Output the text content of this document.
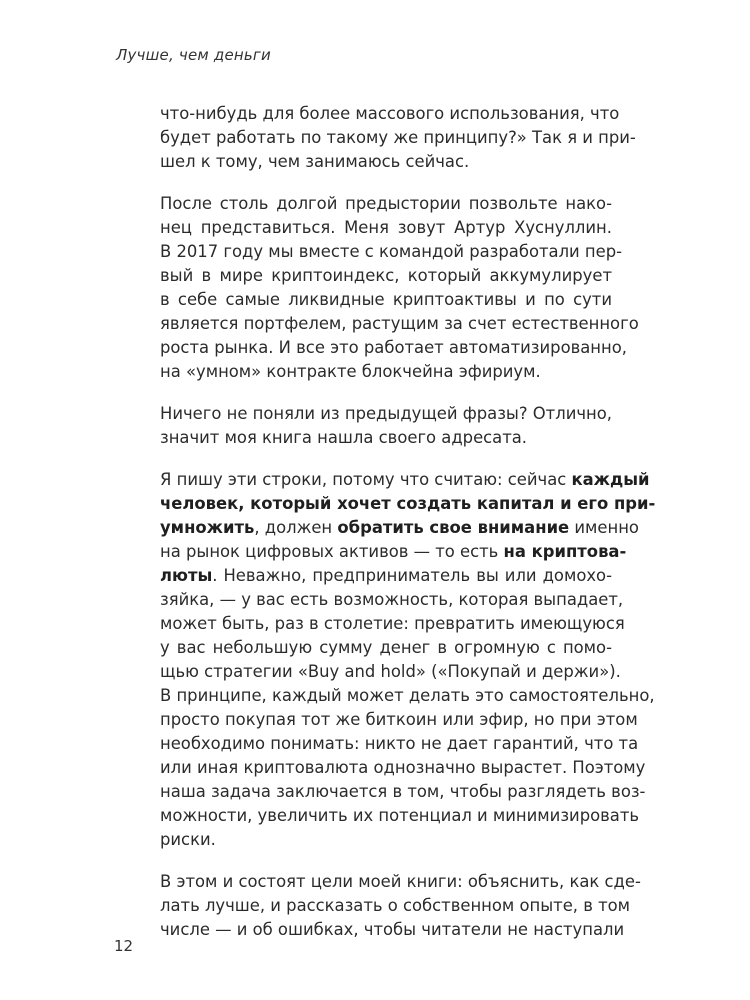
Лучше, чем деньги
что-нибудь для более массового использования, что
будет работать по такому же принципу?» Так я и при-
шел к тому, чем занимаюсь сейчас.
После столь долгой предыстории позвольте нако-
нец представиться. Меня зовут Артур Хуснуллин.
В 2017 году мы вместе с командой разработали пер-
вый в мире криптоиндекс, который аккумулирует
в себе самые ликвидные криптоактивы и по сути
является портфелем, растущим за счет естественного
роста рынка. И все это работает автоматизированно,
на «умном» контракте блокчейна эфириум.
Ничего не поняли из предыдущей фразы? Отлично,
значит моя книга нашла своего адресата.
Я пишу эти строки, потому что считаю: сейчас каждый
человек, который хочет создать капитал и его при-
умножить, должен обратить свое внимание именно
на рынок цифровых активов — то есть на криптова-
люты. Неважно, предприниматель вы или домохо-
зяйка, — у вас есть возможность, которая выпадает,
может быть, раз в столетие: превратить имеющуюся
у вас небольшую сумму денег в огромную с помо-
щью стратегии «Buy and hold» («Покупай и держи»).
В принципе, каждый может делать это самостоятельно,
просто покупая тот же биткоин или эфир, но при этом
необходимо понимать: никто не дает гарантий, что та
или иная криптовалюта однозначно вырастет. Поэтому
наша задача заключается в том, чтобы разглядеть воз-
можности, увеличить их потенциал и минимизировать
риски.
В этом и состоят цели моей книги: объяснить, как сде-
лать лучше, и рассказать о собственном опыте, в том
числе — и об ошибках, чтобы читатели не наступали
12
